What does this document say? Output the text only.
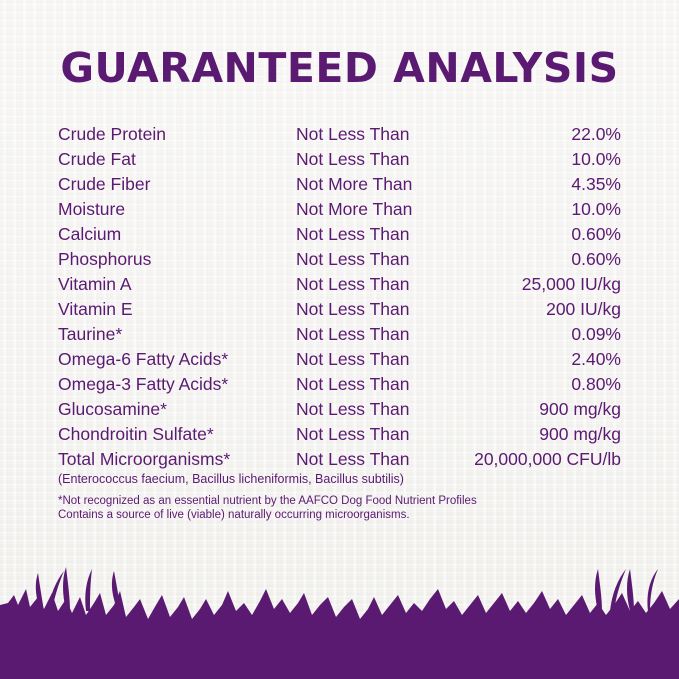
GUARANTEED ANALYSIS
Crude Protein	Not Less Than	22.0%
Crude Fat	Not Less Than	10.0%
Crude Fiber	Not More Than	4.35%
Moisture	Not More Than	10.0%
Calcium	Not Less Than	0.60%
Phosphorus	Not Less Than	0.60%
Vitamin A	Not Less Than	25,000 IU/kg
Vitamin E	Not Less Than	200 IU/kg
Taurine*	Not Less Than	0.09%
Omega-6 Fatty Acids*	Not Less Than	2.40%
Omega-3 Fatty Acids*	Not Less Than	0.80%
Glucosamine*	Not Less Than	900 mg/kg
Chondroitin Sulfate*	Not Less Than	900 mg/kg
Total Microorganisms*	Not Less Than	20,000,000 CFU/lb
(Enterococcus faecium, Bacillus licheniformis, Bacillus subtilis)
*Not recognized as an essential nutrient by the AAFCO Dog Food Nutrient Profiles
Contains a source of live (viable) naturally occurring microorganisms.
